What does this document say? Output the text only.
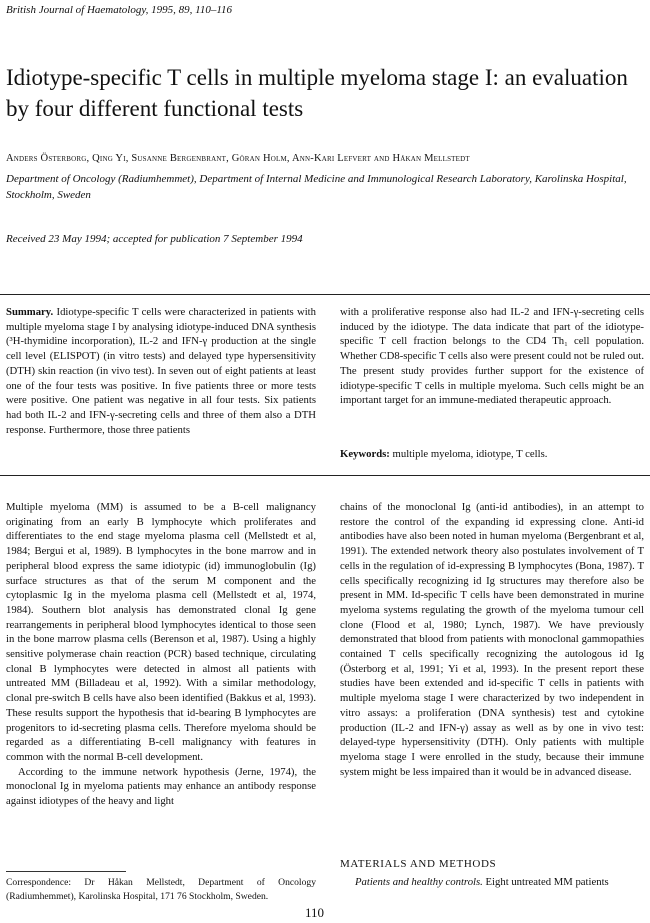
British Journal of Haematology, 1995, 89, 110–116
Idiotype-specific T cells in multiple myeloma stage I: an evaluation by four different functional tests
Anders Österborg, Qing Yi, Susanne Bergenbrant, Göran Holm, Ann-Kari Lefvert and Håkan Mellstedt
Department of Oncology (Radiumhemmet), Department of Internal Medicine and Immunological Research Laboratory, Karolinska Hospital, Stockholm, Sweden
Received 23 May 1994; accepted for publication 7 September 1994

Summary. Idiotype-specific T cells were characterized in patients with multiple myeloma stage I by analysing idiotype-induced DNA synthesis (³H-thymidine incorporation), IL-2 and IFN-γ production at the single cell level (ELISPOT) (in vitro tests) and delayed type hypersensitivity (DTH) skin reaction (in vivo test). In seven out of eight patients at least one of the four tests was positive. In five patients three or more tests were positive. One patient was negative in all four tests. Six patients had both IL-2 and IFN-γ-secreting cells and three of them also a DTH response. Furthermore, those three patients

with a proliferative response also had IL-2 and IFN-γ-secreting cells induced by the idiotype. The data indicate that part of the idiotype-specific T cell fraction belongs to the CD4 Th₁ cell population. Whether CD8-specific T cells also were present could not be ruled out. The present study provides further support for the existence of idiotype-specific T cells in multiple myeloma. Such cells might be an important target for an immune-mediated therapeutic approach.

Keywords: multiple myeloma, idiotype, T cells.

Multiple myeloma (MM) is assumed to be a B-cell malignancy originating from an early B lymphocyte which proliferates and differentiates to the end stage myeloma plasma cell (Mellstedt et al, 1984; Bergui et al, 1989). B lymphocytes in the bone marrow and in peripheral blood express the same idiotypic (id) immunoglobulin (Ig) surface structures as that of the serum M component and the cytoplasmic Ig in the myeloma plasma cell (Mellstedt et al, 1974, 1984). Southern blot analysis has demonstrated clonal Ig gene rearrangements in peripheral blood lymphocytes identical to those seen in the bone marrow plasma cells (Berenson et al, 1987). Using a highly sensitive polymerase chain reaction (PCR) based technique, circulating clonal B lymphocytes were detected in almost all patients with untreated MM (Billadeau et al, 1992). With a similar methodology, clonal pre-switch B cells have also been identified (Bakkus et al, 1993). These results support the hypothesis that id-bearing B lymphocytes are progenitors to id-secreting plasma cells. Therefore myeloma should be regarded as a differentiating B-cell malignancy with features in common with the normal B-cell development.

According to the immune network hypothesis (Jerne, 1974), the monoclonal Ig in myeloma patients may enhance an antibody response against idiotypes of the heavy and light

chains of the monoclonal Ig (anti-id antibodies), in an attempt to restore the control of the expanding id expressing clone. Anti-id antibodies have also been noted in human myeloma (Bergenbrant et al, 1991). The extended network theory also postulates involvement of T cells in the regulation of id-expressing B lymphocytes (Bona, 1987). T cells specifically recognizing id Ig structures may therefore also be present in MM. Id-specific T cells have been demonstrated in murine myeloma systems regulating the growth of the myeloma tumour cell clone (Flood et al, 1980; Lynch, 1987). We have previously demonstrated that blood from patients with monoclonal gammopathies contained T cells specifically recognizing the autologous id Ig (Österborg et al, 1991; Yi et al, 1993). In the present report these studies have been extended and id-specific T cells in patients with multiple myeloma stage I were characterized by two independent in vitro assays: a proliferation (DNA synthesis) test and cytokine production (IL-2 and IFN-γ) assay as well as by one in vivo test: delayed-type hypersensitivity (DTH). Only patients with multiple myeloma stage I were enrolled in the study, because their immune system might be less impaired than it would be in advanced disease.

Correspondence: Dr Håkan Mellstedt, Department of Oncology (Radiumhemmet), Karolinska Hospital, 171 76 Stockholm, Sweden.
MATERIALS AND METHODS
Patients and healthy controls. Eight untreated MM patients
110
